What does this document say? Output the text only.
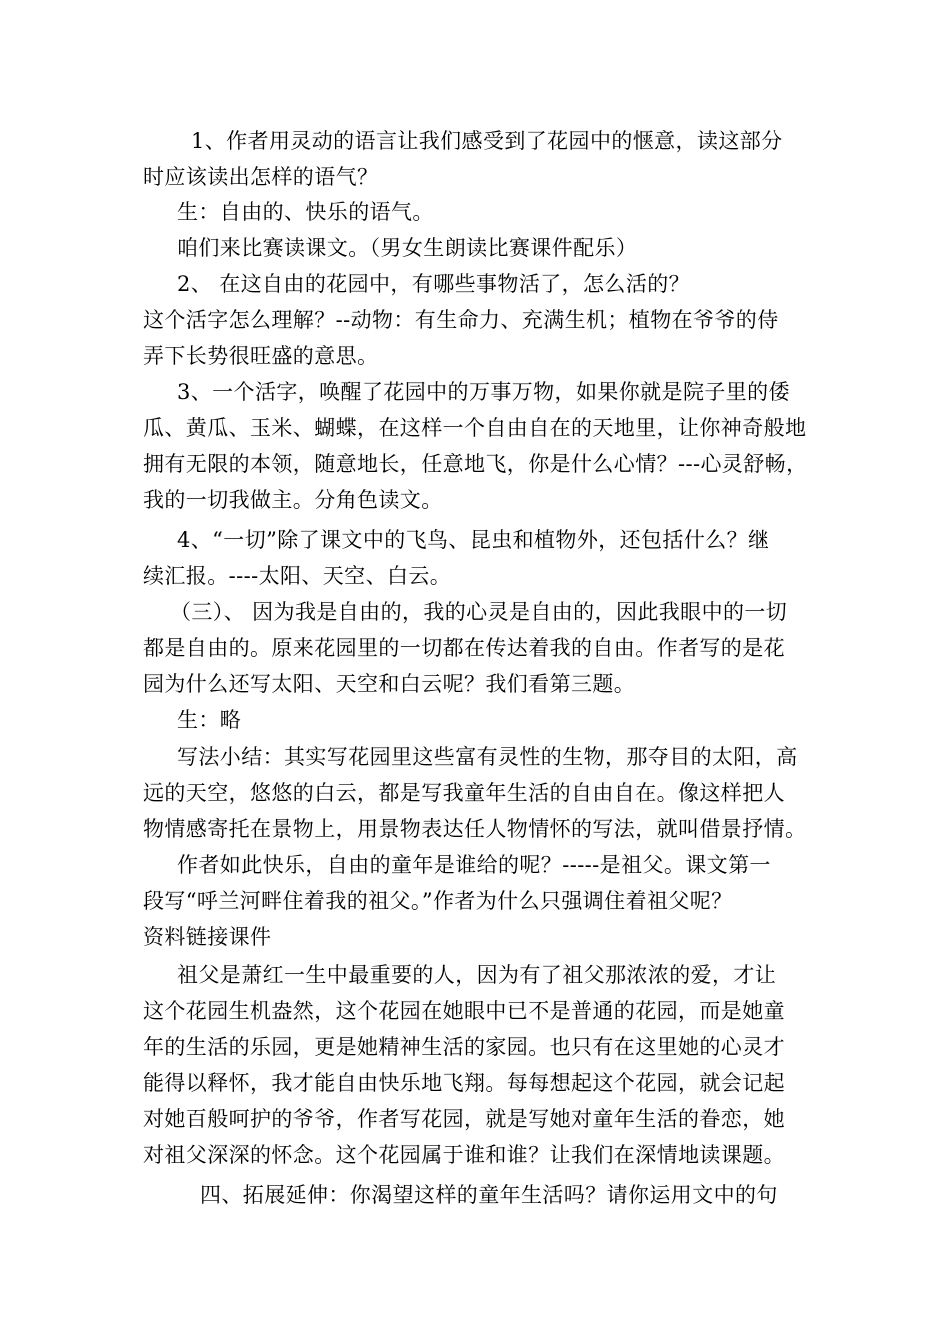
1、作者用灵动的语言让我们感受到了花园中的惬意，读这部分
时应该读出怎样的语气？
生：自由的、快乐的语气。
咱们来比赛读课文。（男女生朗读比赛课件配乐）
2、 在这自由的花园中，有哪些事物活了，怎么活的？
这个活字怎么理解？--动物：有生命力、充满生机；植物在爷爷的侍
弄下长势很旺盛的意思。
3、一个活字，唤醒了花园中的万事万物，如果你就是院子里的倭
瓜、黄瓜、玉米、蝴蝶，在这样一个自由自在的天地里，让你神奇般地
拥有无限的本领，随意地长，任意地飞，你是什么心情？---心灵舒畅，
我的一切我做主。分角色读文。
4、“一切”除了课文中的飞鸟、昆虫和植物外，还包括什么？继
续汇报。----太阳、天空、白云。
（三）、 因为我是自由的，我的心灵是自由的，因此我眼中的一切
都是自由的。原来花园里的一切都在传达着我的自由。作者写的是花
园为什么还写太阳、天空和白云呢？我们看第三题。
生：略
写法小结：其实写花园里这些富有灵性的生物，那夺目的太阳，高
远的天空，悠悠的白云，都是写我童年生活的自由自在。像这样把人
物情感寄托在景物上，用景物表达任人物情怀的写法，就叫借景抒情。
作者如此快乐，自由的童年是谁给的呢？-----是祖父。课文第一
段写“呼兰河畔住着我的祖父。”作者为什么只强调住着祖父呢？
资料链接课件
祖父是萧红一生中最重要的人，因为有了祖父那浓浓的爱，才让
这个花园生机盎然，这个花园在她眼中已不是普通的花园，而是她童
年的生活的乐园，更是她精神生活的家园。也只有在这里她的心灵才
能得以释怀，我才能自由快乐地飞翔。每每想起这个花园，就会记起
对她百般呵护的爷爷，作者写花园，就是写她对童年生活的眷恋，她
对祖父深深的怀念。这个花园属于谁和谁？让我们在深情地读课题。
四、拓展延伸：你渴望这样的童年生活吗？请你运用文中的句
